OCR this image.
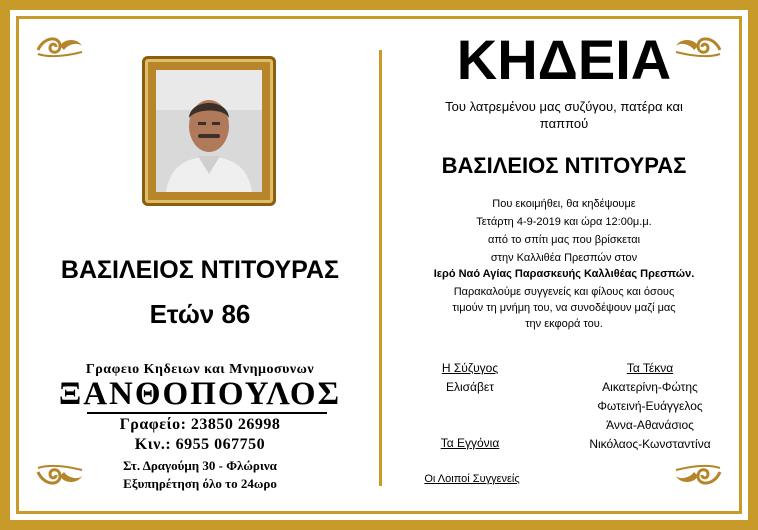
ΒΑΣΙΛΕΙΟΣ ΝΤΙΤΟΥΡΑΣ
Ετών 86
Γραφειο Κηδειων και Μνημοσυνων
ΞΑΝΘΟΠΟΥΛΟΣ
Γραφείο: 23850 26998
Κιν.: 6955 067750
Στ. Δραγούμη 30 - Φλώρινα
Εξυπηρέτηση όλο το 24ωρο
ΚΗΔΕΙΑ
Του λατρεμένου μας συζύγου, πατέρα και
παππού
ΒΑΣΙΛΕΙΟΣ ΝΤΙΤΟΥΡΑΣ
Που εκοιμήθει, θα κηδέψουμε
Τετάρτη 4-9-2019 και ώρα 12:00μ.μ.
από το σπίτι μας που βρίσκεται
στην Καλλιθέα Πρεσπών στον
Ιερό Ναό Αγίας Παρασκευής Καλλιθέας Πρεσπών.
Παρακαλούμε συγγενείς και φίλους και όσους
τιμούν τη μνήμη του, να συνοδέψουν μαζί μας
την εκφορά του.
Η Σύζυγος
Ελισάβετ
Τα Εγγόνια
Οι Λοιποί Συγγενείς
Τα Τέκνα
Αικατερίνη-Φώτης
Φωτεινή-Ευάγγελος
Άννα-Αθανάσιος
Νικόλαος-Κωνσταντίνα
